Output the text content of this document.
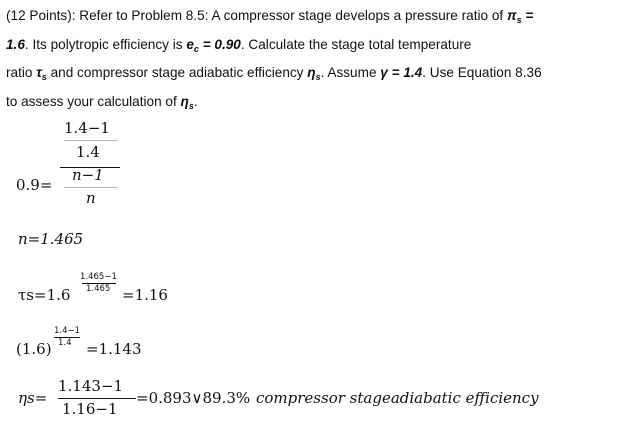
(12 Points): Refer to Problem 8.5: A compressor stage develops a pressure ratio of $\pi_s$ =

1.6. Its polytropic efficiency is $e_c = 0.90$. Calculate the stage total temperature

ratio $\tau_s$ and compressor stage adiabatic efficiency $\eta_s$. Assume γ = 1.4. Use Equation 8.36

to assess your calculation of $\eta_s$.

1.4−1
1.4
0.9=
n−1
n
n=1.465
1.465−1
1.465
τs=1.6	=1.16
1.4−1
1.4
(1.6) =1.143
1.143−1
ηs=
1.16−1
=0.893∨89.3% compressor stageadiabatic efficiency
